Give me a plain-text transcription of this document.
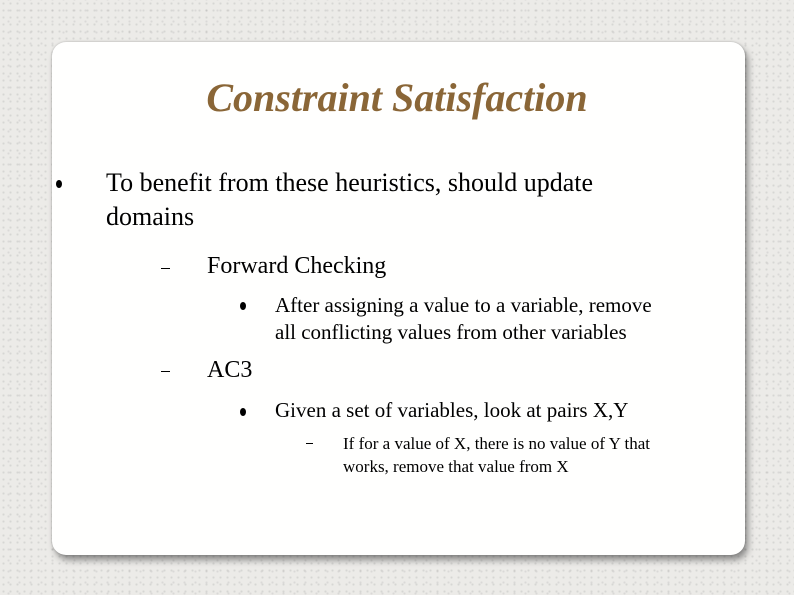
Constraint Satisfaction
To benefit from these heuristics, should update
domains
Forward Checking
After assigning a value to a variable, remove
all conflicting values from other variables
AC3
Given a set of variables, look at pairs X,Y
If for a value of X, there is no value of Y that
works, remove that value from X
